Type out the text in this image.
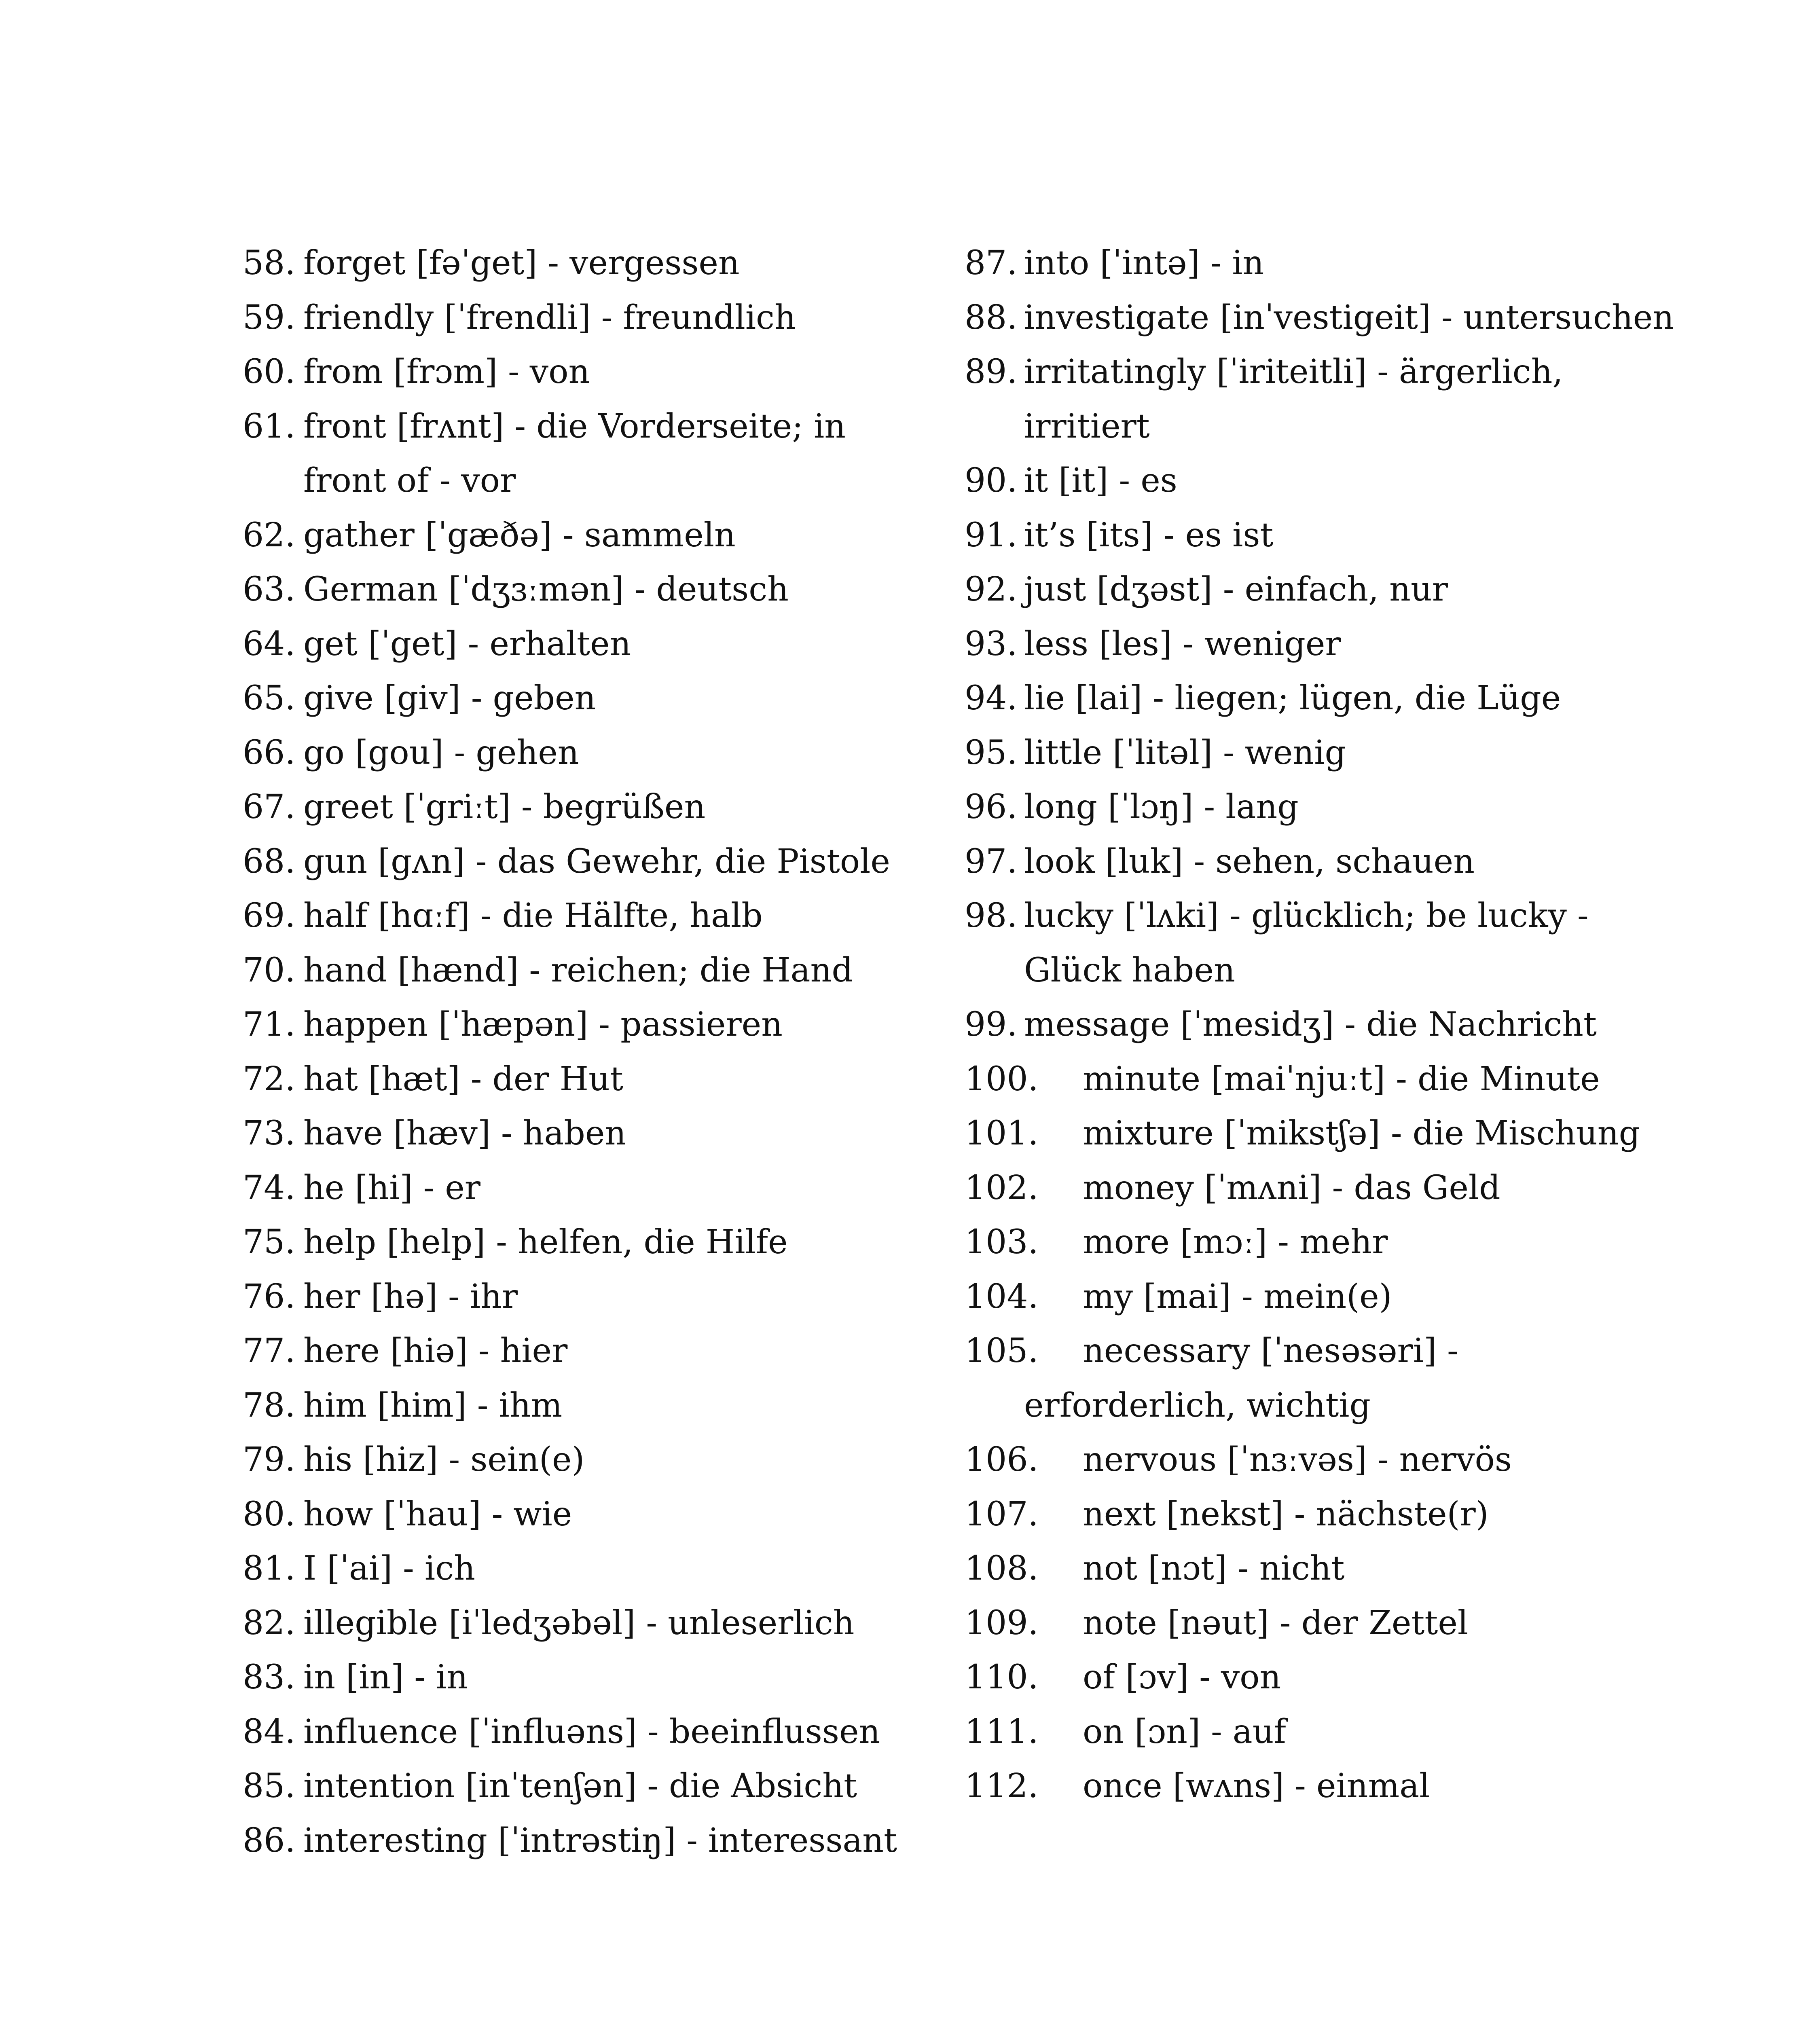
58. forget [fəˈget] - vergessen
59. friendly [ˈfrendli] - freundlich
60. from [frɔm] - von
61. front [frʌnt] - die Vorderseite; in front of - vor
62. gather [ˈgæðə] - sammeln
63. German [ˈdʒɜːmən] - deutsch
64. get [ˈget] - erhalten
65. give [giv] - geben
66. go [gou] - gehen
67. greet [ˈgriːt] - begrüßen
68. gun [gʌn] - das Gewehr, die Pistole
69. half [hɑːf] - die Hälfte, halb
70. hand [hænd] - reichen; die Hand
71. happen [ˈhæpən] - passieren
72. hat [hæt] - der Hut
73. have [hæv] - haben
74. he [hi] - er
75. help [help] - helfen, die Hilfe
76. her [hə] - ihr
77. here [hiə] - hier
78. him [him] - ihm
79. his [hiz] - sein(e)
80. how [ˈhau] - wie
81. I [ˈai] - ich
82. illegible [iˈledʒəbəl] - unleserlich
83. in [in] - in
84. influence [ˈinfluəns] - beeinflussen
85. intention [inˈtenʃən] - die Absicht
86. interesting [ˈintrəstiŋ] - interessant
87. into [ˈintə] - in
88. investigate [inˈvestigeit] - untersuchen
89. irritatingly [ˈiriteitli] - ärgerlich, irritiert
90. it [it] - es
91. it’s [its] - es ist
92. just [dʒəst] - einfach, nur
93. less [les] - weniger
94. lie [lai] - liegen; lügen, die Lüge
95. little [ˈlitəl] - wenig
96. long [ˈlɔŋ] - lang
97. look [luk] - sehen, schauen
98. lucky [ˈlʌki] - glücklich; be lucky - Glück haben
99. message [ˈmesidʒ] - die Nachricht
100. minute [maiˈnjuːt] - die Minute
101. mixture [ˈmikstʃə] - die Mischung
102. money [ˈmʌni] - das Geld
103. more [mɔː] - mehr
104. my [mai] - mein(e)
105. necessary [ˈnesəsəri] - erforderlich, wichtig
106. nervous [ˈnɜːvəs] - nervös
107. next [nekst] - nächste(r)
108. not [nɔt] - nicht
109. note [nəut] - der Zettel
110. of [ɔv] - von
111. on [ɔn] - auf
112. once [wʌns] - einmal
